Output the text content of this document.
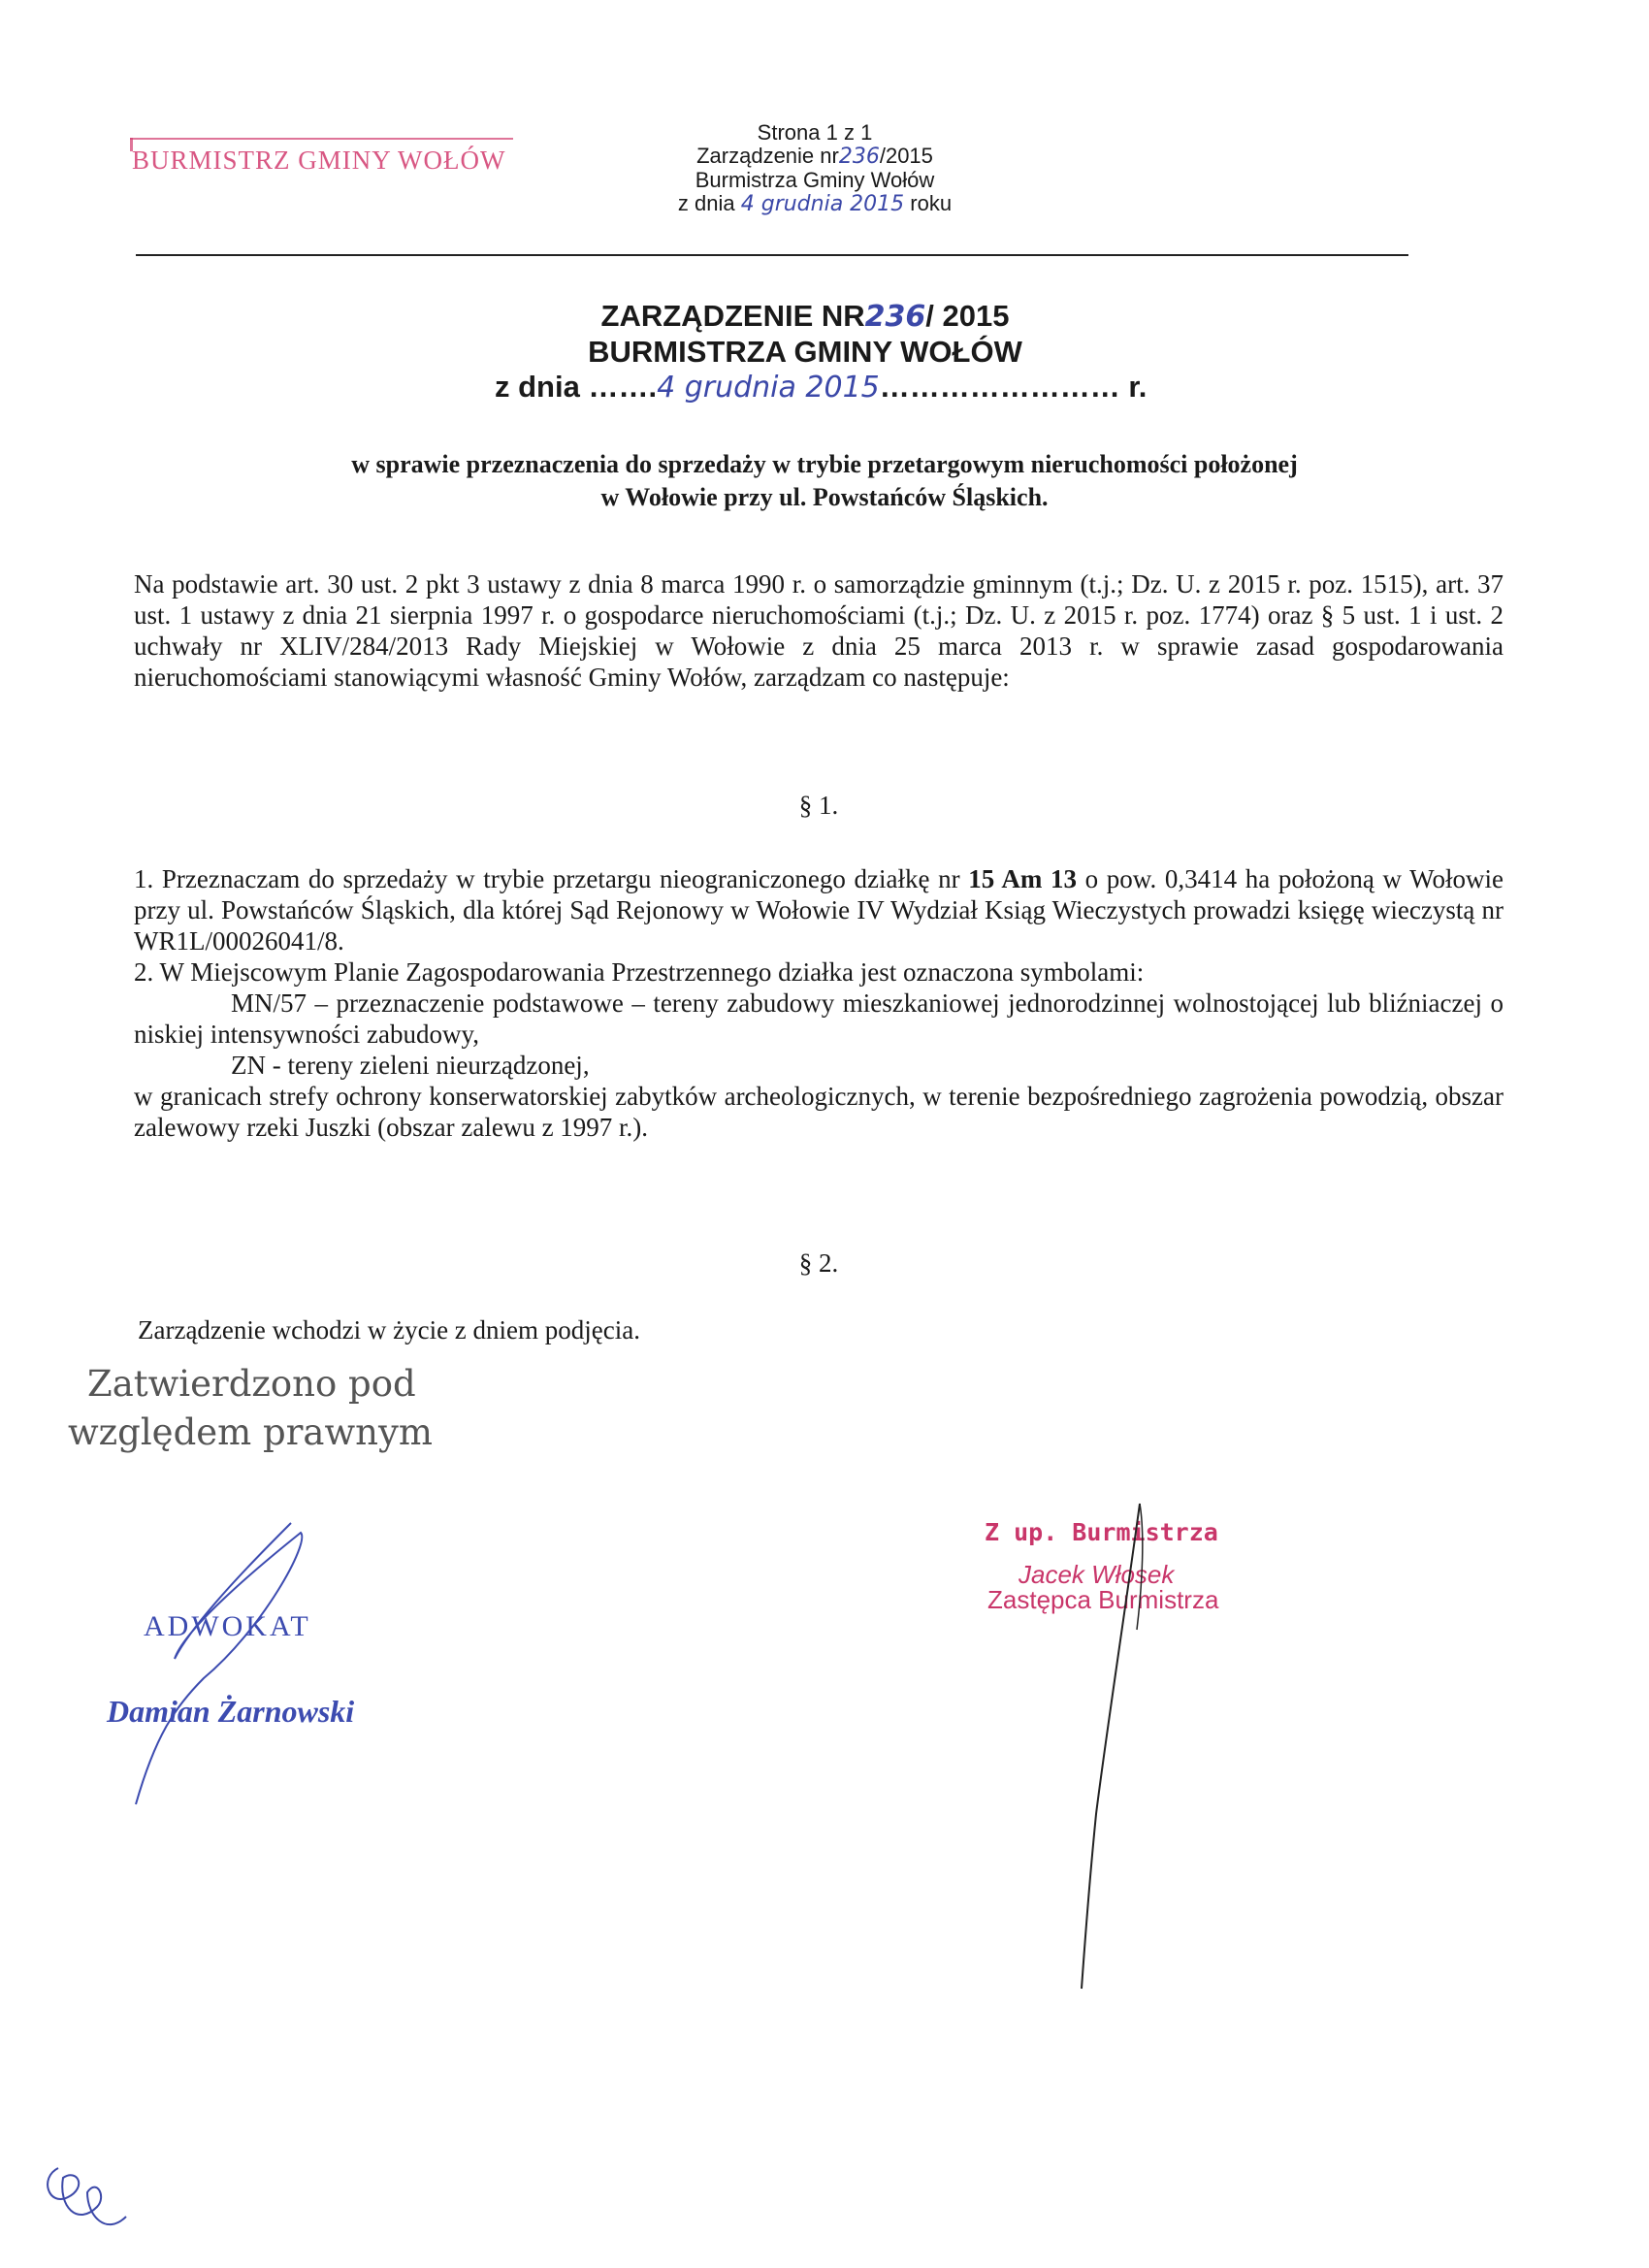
BURMISTRZ GMINY WOŁÓW
Strona 1 z 1
Zarządzenie nr236/2015
Burmistrza Gminy Wołów
z dnia 4 grudnia 2015 roku
ZARZĄDZENIE NR236/ 2015
BURMISTRZA GMINY WOŁÓW
z dnia …….4 grudnia 2015…………………… r.
w sprawie przeznaczenia do sprzedaży w trybie przetargowym nieruchomości położonej
w Wołowie przy ul. Powstańców Śląskich.
Na podstawie art. 30 ust. 2 pkt 3 ustawy z dnia 8 marca 1990 r. o samorządzie gminnym (t.j.; Dz. U. z 2015 r. poz. 1515), art. 37 ust. 1 ustawy z dnia 21 sierpnia 1997 r. o gospodarce nieruchomościami (t.j.; Dz. U. z 2015 r. poz. 1774) oraz § 5 ust. 1 i ust. 2 uchwały nr XLIV/284/2013 Rady Miejskiej w Wołowie z dnia 25 marca 2013 r. w sprawie zasad gospodarowania nieruchomościami stanowiącymi własność Gminy Wołów, zarządzam co następuje:
§ 1.

1. Przeznaczam do sprzedaży w trybie przetargu nieograniczonego działkę nr 15 Am 13 o pow. 0,3414 ha położoną w Wołowie przy ul. Powstańców Śląskich, dla której Sąd Rejonowy w Wołowie IV Wydział Ksiąg Wieczystych prowadzi księgę wieczystą nr WR1L/00026041/8.

2. W Miejscowym Planie Zagospodarowania Przestrzennego działka jest oznaczona symbolami:

MN/57 – przeznaczenie podstawowe – tereny zabudowy mieszkaniowej jednorodzinnej wolnostojącej lub bliźniaczej o niskiej intensywności zabudowy,

ZN - tereny zieleni nieurządzonej,

w granicach strefy ochrony konserwatorskiej zabytków archeologicznych, w terenie bezpośredniego zagrożenia powodzią, obszar zalewowy rzeki Juszki (obszar zalewu z 1997 r.).

§ 2.
Zarządzenie wchodzi w życie z dniem podjęcia.
Zatwierdzono pod
względem prawnym
ADWOKAT
Damian Żarnowski
Z up. Burmistrza
Jacek Włosek
Zastępca Burmistrza
